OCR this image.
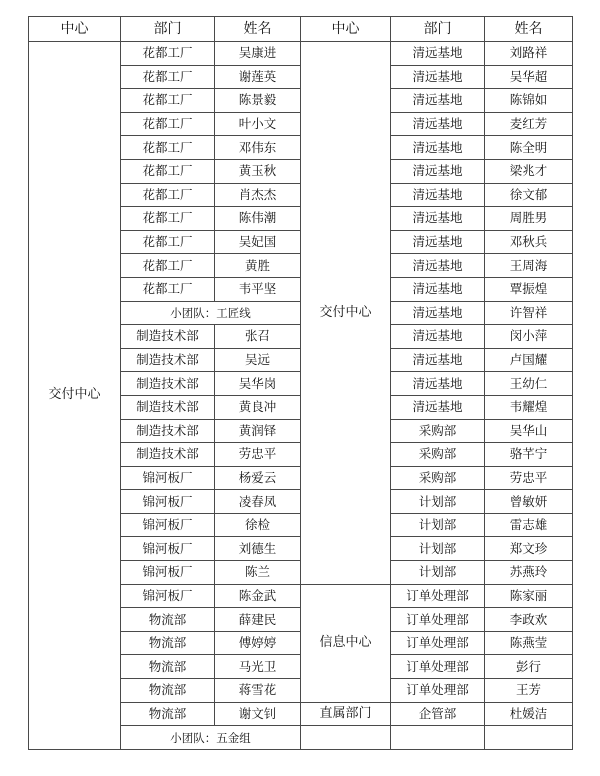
中心	部门	姓名	中心	部门	姓名
交付中心	花都工厂	吴康进	交付中心	清远基地	刘路祥
	花都工厂	谢莲英		清远基地	吴华超
	花都工厂	陈景毅		清远基地	陈锦如
	花都工厂	叶小文		清远基地	麦红芳
	花都工厂	邓伟东		清远基地	陈全明
	花都工厂	黄玉秋		清远基地	梁兆才
	花都工厂	肖杰杰		清远基地	徐文郁
	花都工厂	陈伟潮		清远基地	周胜男
	花都工厂	吴妃国		清远基地	邓秋兵
	花都工厂	黄胜		清远基地	王周海
	花都工厂	韦平坚		清远基地	覃振煌
	小团队：工匠线			清远基地	许智祥
	制造技术部	张召		清远基地	闵小萍
	制造技术部	吴远		清远基地	卢国耀
	制造技术部	吴华岗		清远基地	王幼仁
	制造技术部	黄良冲		清远基地	韦耀煌
	制造技术部	黄润铎		采购部	吴华山
	制造技术部	劳忠平		采购部	骆芊宁
	锦河板厂	杨爱云		采购部	劳忠平
	锦河板厂	凌春凤		计划部	曾敏妍
	锦河板厂	徐检		计划部	雷志雄
	锦河板厂	刘德生		计划部	郑文珍
	锦河板厂	陈兰		计划部	苏燕玲
	锦河板厂	陈金武	信息中心	订单处理部	陈家丽
	物流部	薛建民		订单处理部	李政欢
	物流部	傅婷婷		订单处理部	陈燕莹
	物流部	马光卫		订单处理部	彭行
	物流部	蒋雪花		订单处理部	王芳
	物流部	谢文钊	直属部门	企管部	杜媛洁
	小团队：五金组				
